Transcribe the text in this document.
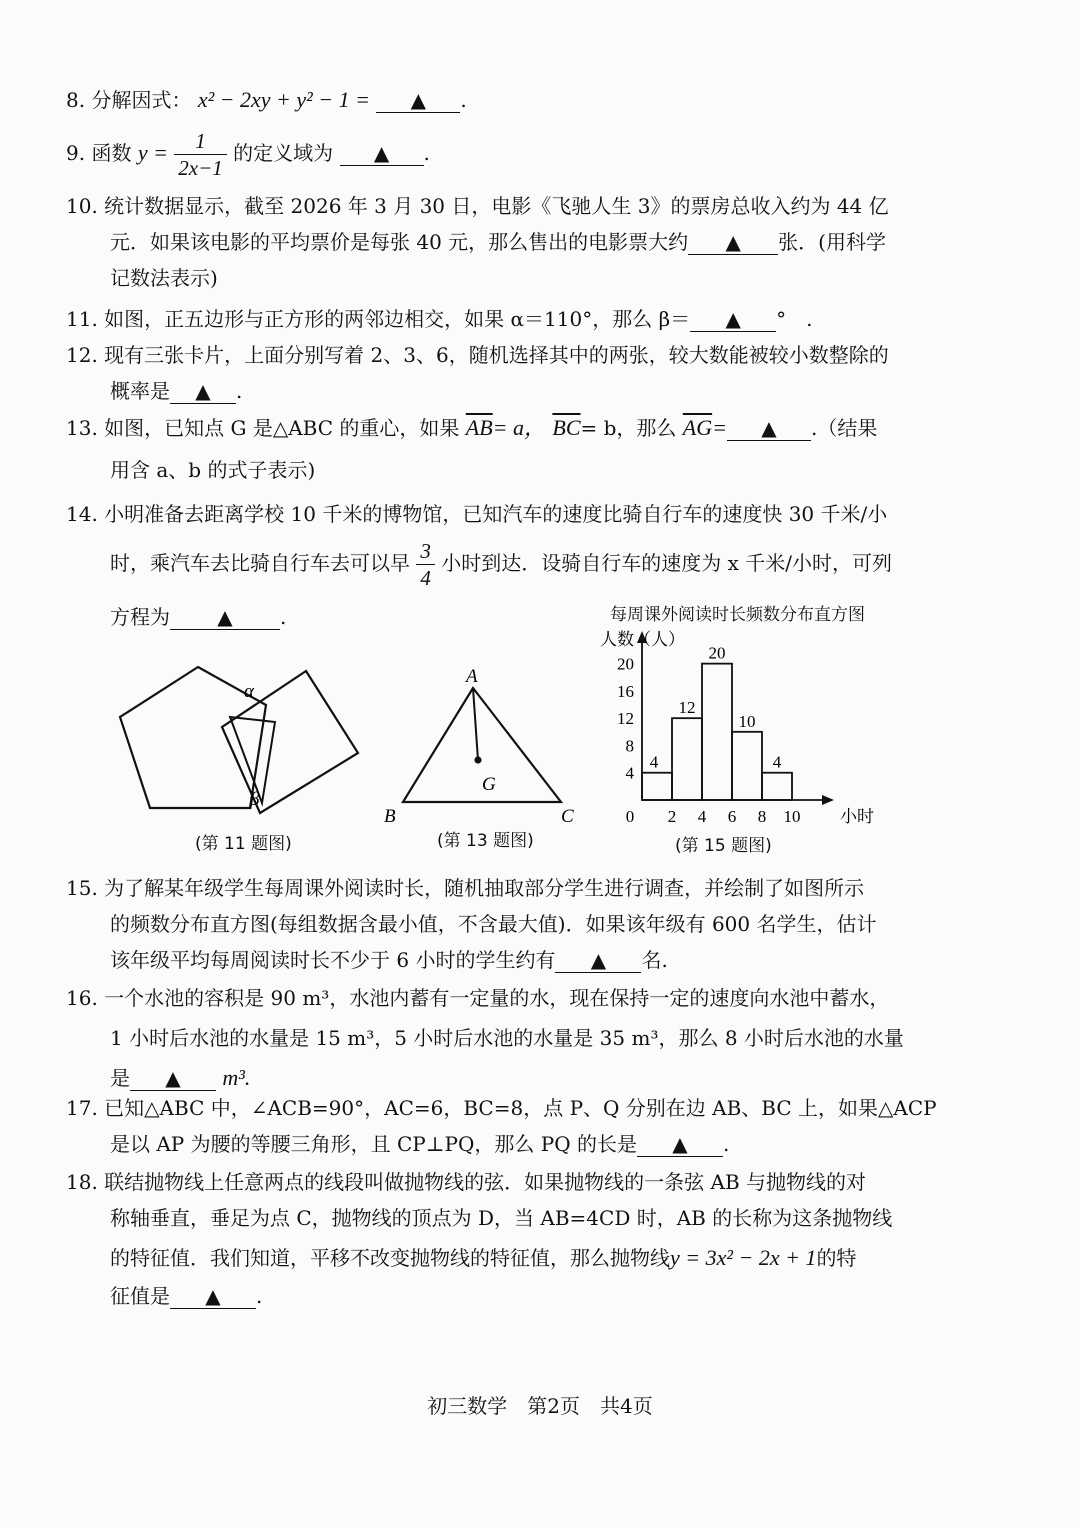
8. 分解因式： x² − 2xy + y² − 1 = ▲ .
9. 函数 $y = \frac{1}{2x-1}$ 的定义域为 ▲ .
10. 统计数据显示，截至 2026 年 3 月 30 日，电影《飞驰人生 3》的票房总收入约为 44 亿
元．如果该电影的平均票价是每张 40 元，那么售出的电影票大约 ▲ 张．(用科学
记数法表示)
11. 如图，正五边形与正方形的两邻边相交，如果 α＝110°，那么 β＝ ▲ °　.
12. 现有三张卡片，上面分别写着 2、3、6，随机选择其中的两张，较大数能被较小数整除的
概率是 ▲ .
13. 如图，已知点 G 是△ABC 的重心，如果 $\overline{AB}= a$， $\overline{BC}= b$，那么 $\overline{AG}=$ ▲ .（结果
用含 a、b 的式子表示)
14. 小明准备去距离学校 10 千米的博物馆，已知汽车的速度比骑自行车的速度快 30 千米/小
时，乘汽车去比骑自行车去可以早 $\frac{3}{4}$ 小时到达．设骑自行车的速度为 x 千米/小时，可列
方程为 ▲ .
α
β
(第 11 题图)
A
B	C
G
(第 13 题图)
每周课外阅读时长频数分布直方图
人数（人）
小时
4
8
12
16
20
0 2 4 6 8 10
4
12
20
10
4
(第 15 题图)
15. 为了解某年级学生每周课外阅读时长，随机抽取部分学生进行调查，并绘制了如图所示
的频数分布直方图(每组数据含最小值，不含最大值)．如果该年级有 600 名学生，估计
该年级平均每周阅读时长不少于 6 小时的学生约有 ▲ 名.
16. 一个水池的容积是 90 m³，水池内蓄有一定量的水，现在保持一定的速度向水池中蓄水，
1 小时后水池的水量是 15 m³，5 小时后水池的水量是 35 m³，那么 8 小时后水池的水量
是 ▲ m³.
17. 已知△ABC 中，∠ACB=90°，AC=6，BC=8，点 P、Q 分别在边 AB、BC 上，如果△ACP
是以 AP 为腰的等腰三角形，且 CP⊥PQ，那么 PQ 的长是 ▲ .
18. 联结抛物线上任意两点的线段叫做抛物线的弦．如果抛物线的一条弦 AB 与抛物线的对
称轴垂直，垂足为点 C，抛物线的顶点为 D，当 AB=4CD 时，AB 的长称为这条抛物线
的特征值．我们知道，平移不改变抛物线的特征值，那么抛物线y = 3x² − 2x + 1的特
征值是 ▲ .
初三数学　第2页　共4页
